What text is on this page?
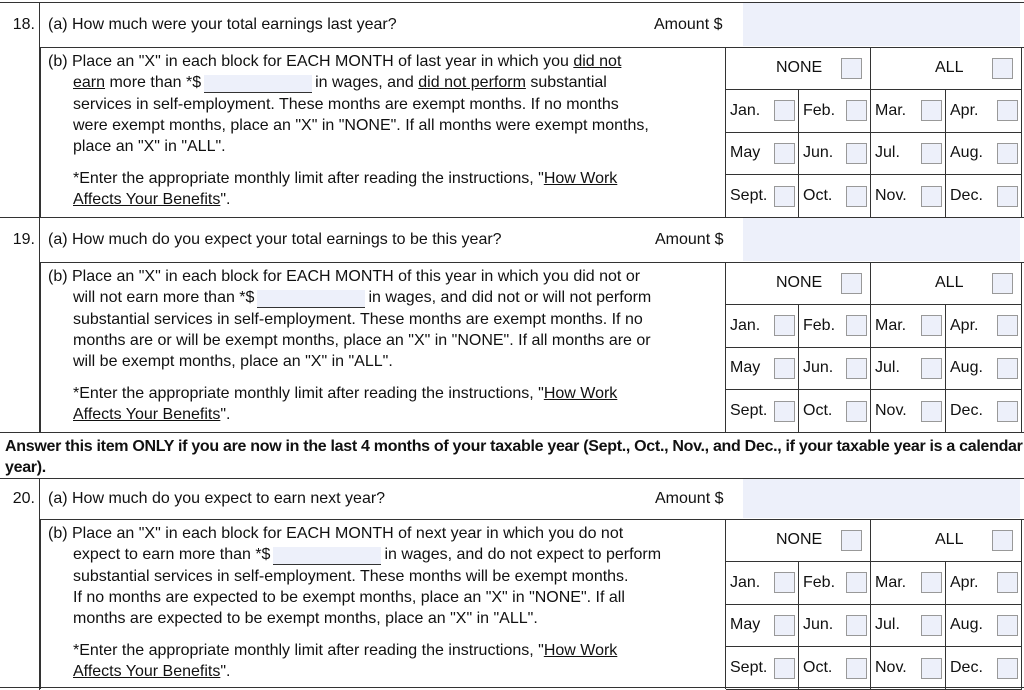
18. (a) How much were your total earnings last year?	Amount $
(b) Place an "X" in each block for EACH MONTH of last year in which you did not
earn more than *$	in wages, and did not perform substantial
services in self-employment. These months are exempt months. If no months
were exempt months, place an "X" in "NONE". If all months were exempt months,
place an "X" in "ALL".
*Enter the appropriate monthly limit after reading the instructions, "How Work
Affects Your Benefits".
NONE	ALL
Jan.	Feb. Mar.	Apr.
May	Jun.	Jul.	Aug.
Sept. Oct.	Nov.	Dec.
19. (a) How much do you expect your total earnings to be this year?	Amount $
(b) Place an "X" in each block for EACH MONTH of this year in which you did not or
will not earn more than *$	in wages, and did not or will not perform
substantial services in self-employment. These months are exempt months. If no
months are or will be exempt months, place an "X" in "NONE". If all months are or
will be exempt months, place an "X" in "ALL".
*Enter the appropriate monthly limit after reading the instructions, "How Work
Affects Your Benefits".
NONE	ALL
Jan.	Feb. Mar.	Apr.
May	Jun.	Jul.	Aug.
Sept. Oct.	Nov.	Dec.
20. (a) How much do you expect to earn next year?	Amount $
(b) Place an "X" in each block for EACH MONTH of next year in which you do not
expect to earn more than *$	in wages, and do not expect to perform
substantial services in self-employment. These months will be exempt months.
If no months are expected to be exempt months, place an "X" in "NONE". If all
months are expected to be exempt months, place an "X" in "ALL".
*Enter the appropriate monthly limit after reading the instructions, "How Work
Affects Your Benefits".
NONE	ALL
Jan.	Feb. Mar.	Apr.
May	Jun.	Jul.	Aug.
Sept. Oct.	Nov.	Dec.
Answer this item ONLY if you are now in the last 4 months of your taxable year (Sept., Oct., Nov., and Dec., if your taxable year is a calendar year).
